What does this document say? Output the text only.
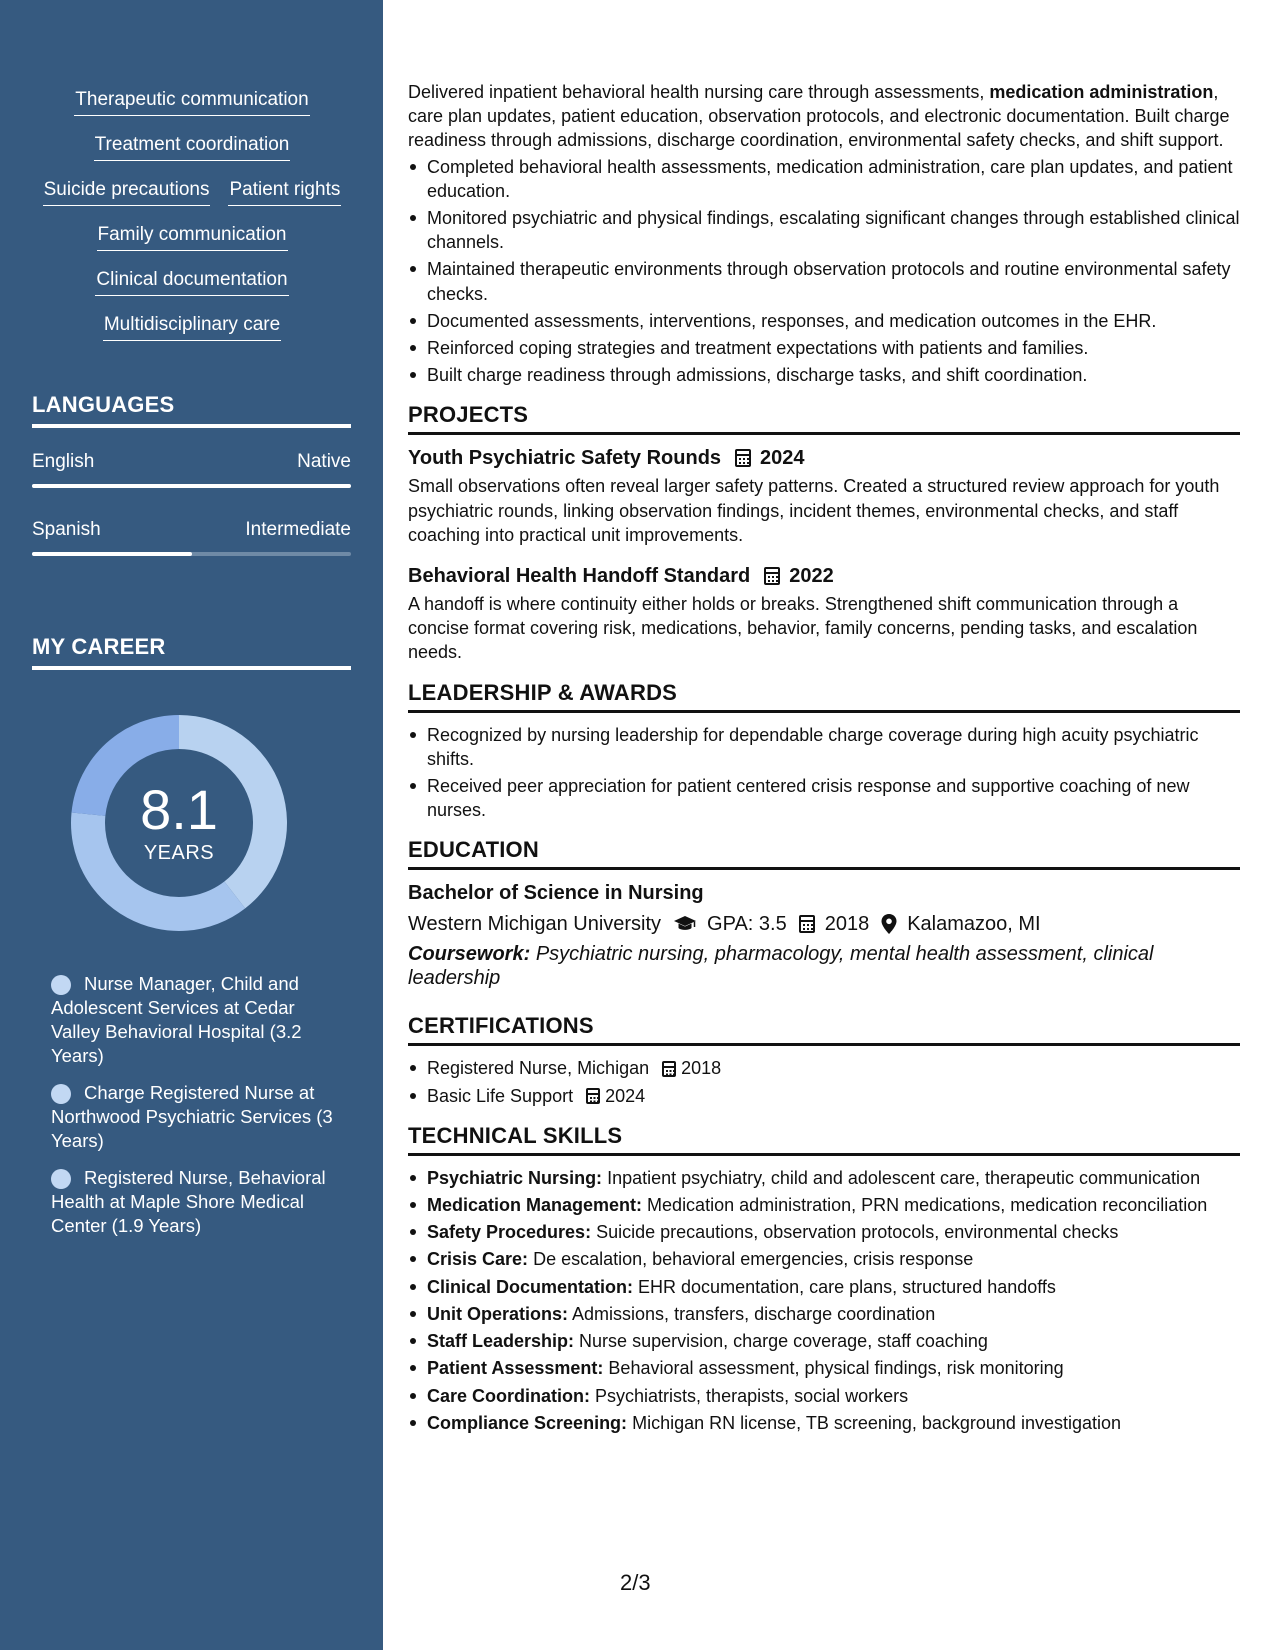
Therapeutic communication
Treatment coordination
Suicide precautions Patient rights
Family communication
Clinical documentation
Multidisciplinary care
LANGUAGES
English	Native
Spanish	Intermediate
MY CAREER
8.1
YEARS
Nurse Manager, Child and Adolescent Services at Cedar Valley Behavioral Hospital (3.2 Years)
Charge Registered Nurse at Northwood Psychiatric Services (3 Years)
Registered Nurse, Behavioral Health at Maple Shore Medical Center (1.9 Years)
Delivered inpatient behavioral health nursing care through assessments, medication administration, care plan updates, patient education, observation protocols, and electronic documentation. Built charge readiness through admissions, discharge coordination, environmental safety checks, and shift support.
Completed behavioral health assessments, medication administration, care plan updates, and patient education.
Monitored psychiatric and physical findings, escalating significant changes through established clinical channels.
Maintained therapeutic environments through observation protocols and routine environmental safety checks.
Documented assessments, interventions, responses, and medication outcomes in the EHR.
Reinforced coping strategies and treatment expectations with patients and families.
Built charge readiness through admissions, discharge tasks, and shift coordination.
PROJECTS
Youth Psychiatric Safety Rounds 2024
Small observations often reveal larger safety patterns. Created a structured review approach for youth psychiatric rounds, linking observation findings, incident themes, environmental checks, and staff coaching into practical unit improvements.
Behavioral Health Handoff Standard 2022
A handoff is where continuity either holds or breaks. Strengthened shift communication through a concise format covering risk, medications, behavior, family concerns, pending tasks, and escalation needs.
LEADERSHIP & AWARDS
Recognized by nursing leadership for dependable charge coverage during high acuity psychiatric shifts.
Received peer appreciation for patient centered crisis response and supportive coaching of new nurses.
EDUCATION
Bachelor of Science in Nursing
Western Michigan University GPA: 3.5 2018 Kalamazoo, MI
Coursework: Psychiatric nursing, pharmacology, mental health assessment, clinical leadership
CERTIFICATIONS
Registered Nurse, Michigan 2018
Basic Life Support 2024
TECHNICAL SKILLS
Psychiatric Nursing: Inpatient psychiatry, child and adolescent care, therapeutic communication
Medication Management: Medication administration, PRN medications, medication reconciliation
Safety Procedures: Suicide precautions, observation protocols, environmental checks
Crisis Care: De escalation, behavioral emergencies, crisis response
Clinical Documentation: EHR documentation, care plans, structured handoffs
Unit Operations: Admissions, transfers, discharge coordination
Staff Leadership: Nurse supervision, charge coverage, staff coaching
Patient Assessment: Behavioral assessment, physical findings, risk monitoring
Care Coordination: Psychiatrists, therapists, social workers
Compliance Screening: Michigan RN license, TB screening, background investigation
2/3
